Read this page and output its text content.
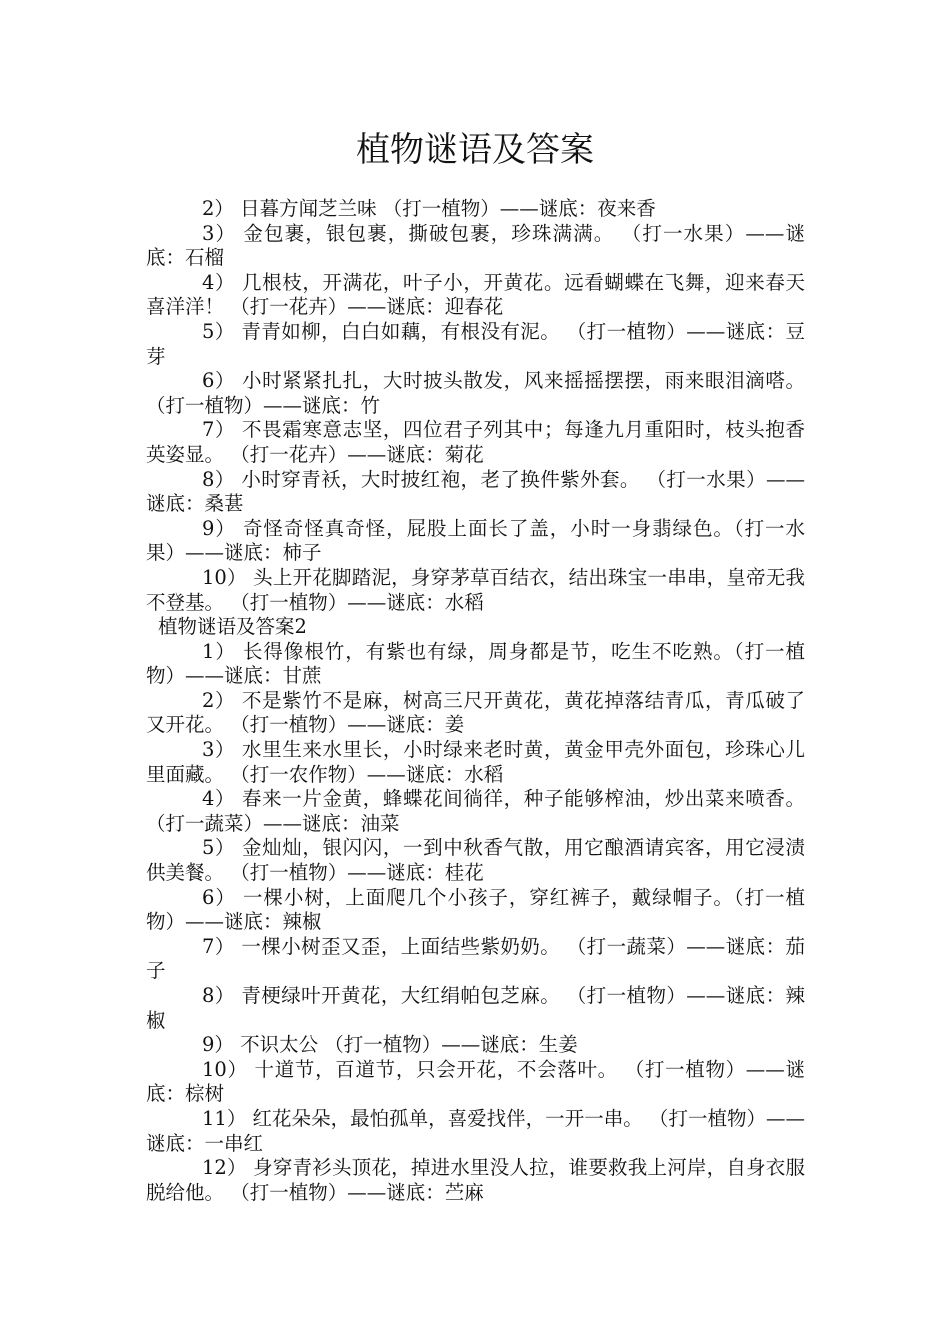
植物谜语及答案

2） 日暮方闻芝兰味 （打一植物）——谜底：夜来香

3） 金包裹，银包裹，撕破包裹，珍珠满满。 （打一水果）——谜底：石榴

4） 几根枝，开满花，叶子小，开黄花。远看蝴蝶在飞舞，迎来春天喜洋洋！ （打一花卉）——谜底：迎春花

5） 青青如柳，白白如藕，有根没有泥。 （打一植物）——谜底：豆芽

6） 小时紧紧扎扎，大时披头散发，风来摇摇摆摆，雨来眼泪滴嗒。 （打一植物）——谜底：竹

7） 不畏霜寒意志坚，四位君子列其中；每逢九月重阳时，枝头抱香英姿显。 （打一花卉）——谜底：菊花

8） 小时穿青袄，大时披红袍，老了换件紫外套。 （打一水果）——谜底：桑葚

9） 奇怪奇怪真奇怪，屁股上面长了盖，小时一身翡绿色。（打一水果）——谜底：柿子

10） 头上开花脚踏泥，身穿茅草百结衣，结出珠宝一串串，皇帝无我不登基。 （打一植物）——谜底：水稻

植物谜语及答案2

1） 长得像根竹，有紫也有绿，周身都是节，吃生不吃熟。（打一植物）——谜底：甘蔗

2） 不是紫竹不是麻，树高三尺开黄花，黄花掉落结青瓜，青瓜破了又开花。 （打一植物）——谜底：姜

3） 水里生来水里长，小时绿来老时黄，黄金甲壳外面包，珍珠心儿里面藏。 （打一农作物）——谜底：水稻

4） 春来一片金黄，蜂蝶花间徜徉，种子能够榨油，炒出菜来喷香。 （打一蔬菜）——谜底：油菜

5） 金灿灿，银闪闪，一到中秋香气散，用它酿酒请宾客，用它浸渍供美餐。 （打一植物）——谜底：桂花

6） 一棵小树，上面爬几个小孩子，穿红裤子，戴绿帽子。（打一植物）——谜底：辣椒

7） 一棵小树歪又歪，上面结些紫奶奶。 （打一蔬菜）——谜底：茄子

8） 青梗绿叶开黄花，大红绢帕包芝麻。 （打一植物）——谜底：辣椒

9） 不识太公 （打一植物）——谜底：生姜

10） 十道节，百道节，只会开花，不会落叶。 （打一植物）——谜底：棕树

11） 红花朵朵，最怕孤单，喜爱找伴，一开一串。 （打一植物）——谜底：一串红

12） 身穿青衫头顶花，掉进水里没人拉，谁要救我上河岸，自身衣服脱给他。 （打一植物）——谜底：苎麻
